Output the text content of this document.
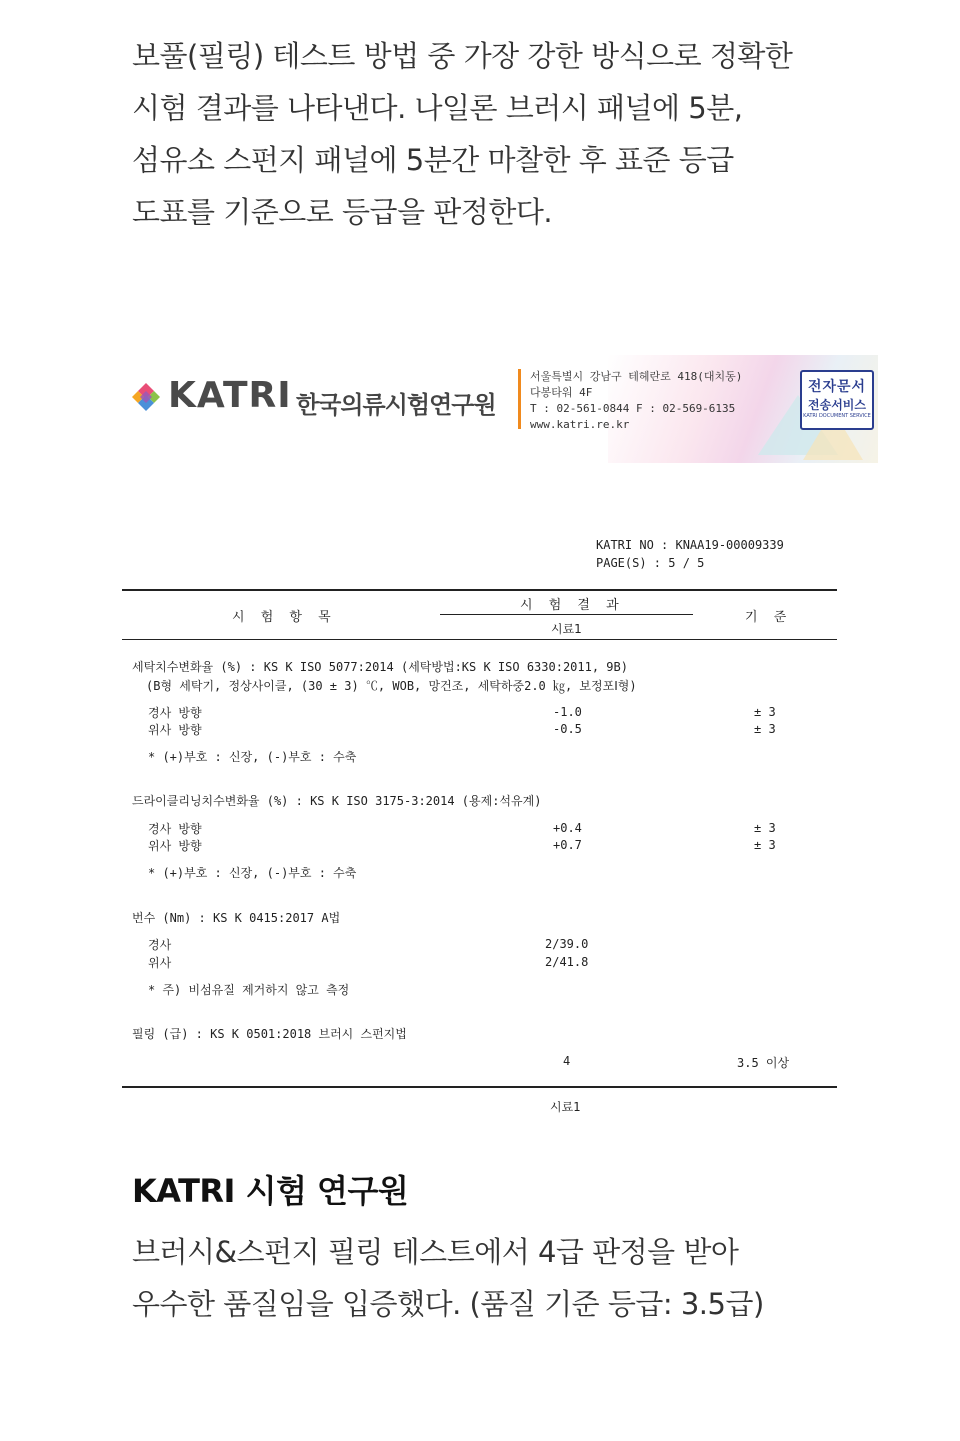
보풀(필링) 테스트 방법 중 가장 강한 방식으로 정확한
시험 결과를 나타낸다. 나일론 브러시 패널에 5분,
섬유소 스펀지 패널에 5분간 마찰한 후 표준 등급
도표를 기준으로 등급을 판정한다.
KATRI 한국의류시험연구원
서울특별시 강남구 테헤란로 418(대치동)
다봉타워 4F
T : 02-561-0844 F : 02-569-6135
www.katri.re.kr
전자문서
전송서비스
KATRI DOCUMENT SERVICE
KATRI NO : KNAA19-00009339
PAGE(S) : 5 / 5
시 험 항 목
시 험 결 과
시료1
기 준
세탁치수변화율 (%) : KS K ISO 5077:2014 (세탁방법:KS K ISO 6330:2011, 9B)
(B형 세탁기, 정상사이클, (30 ± 3) ℃, WOB, 망건조, 세탁하중2.0 ㎏, 보정포Ⅰ형)
경사 방향	-1.0	± 3
위사 방향	-0.5	± 3
* (+)부호 : 신장, (-)부호 : 수축
드라이클리닝치수변화율 (%) : KS K ISO 3175-3:2014 (용제:석유계)
경사 방향	+0.4	± 3
위사 방향	+0.7	± 3
* (+)부호 : 신장, (-)부호 : 수축
번수 (Nm) : KS K 0415:2017 A법
경사	2/39.0
위사	2/41.8
* 주) 비섬유질 제거하지 않고 측정
필링 (급) : KS K 0501:2018 브러시 스펀지법
4	3.5 이상
시료1
KATRI 시험 연구원
브러시&스펀지 필링 테스트에서 4급 판정을 받아
우수한 품질임을 입증했다. (품질 기준 등급: 3.5급)
